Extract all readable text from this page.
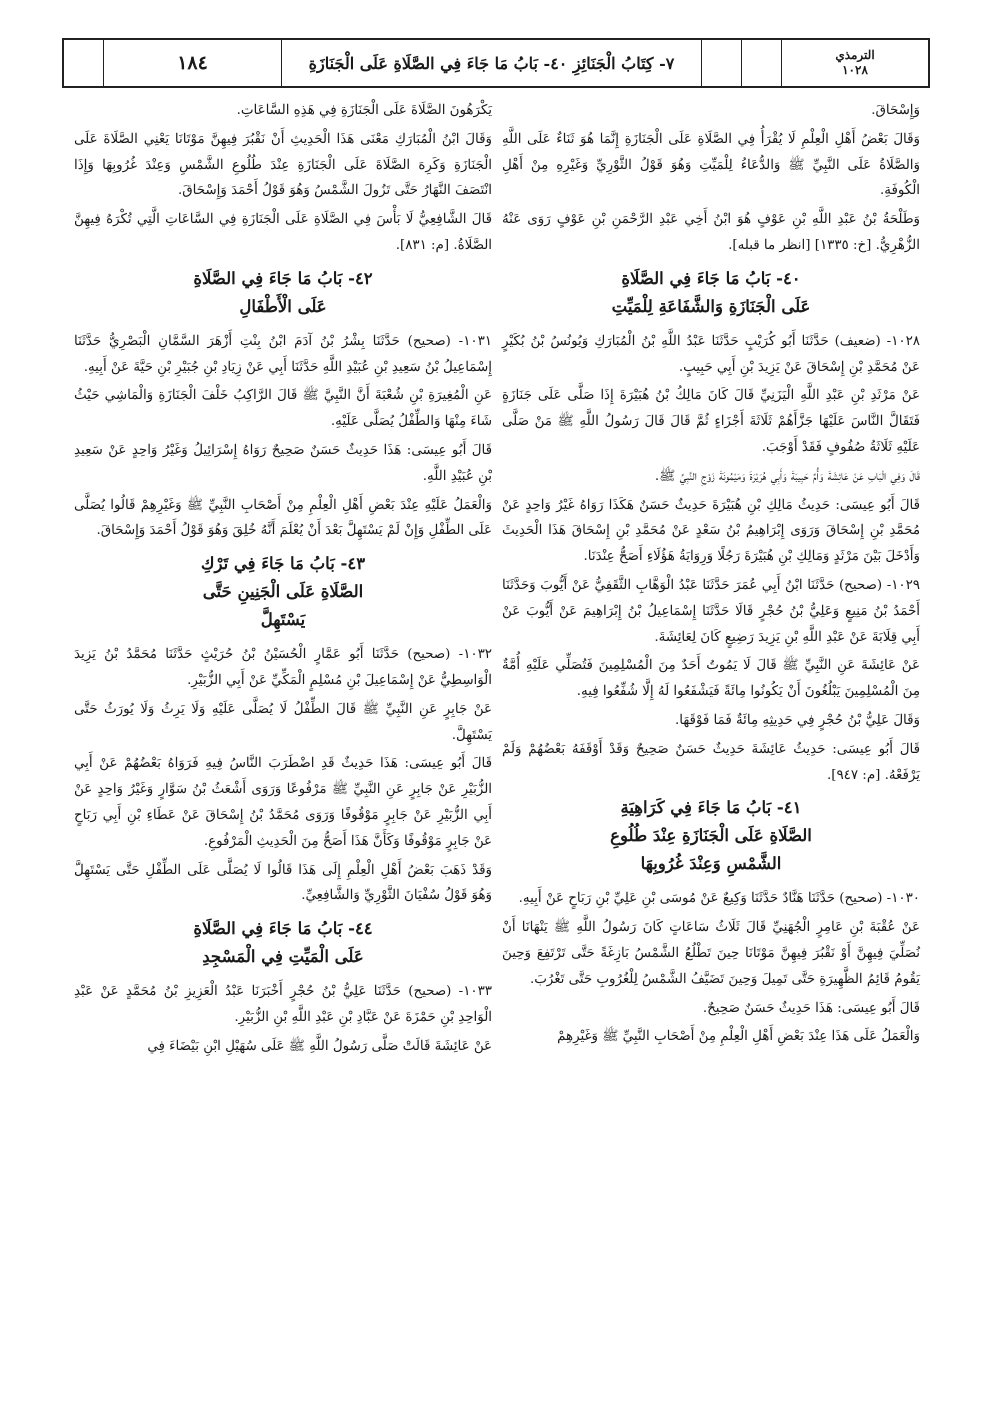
١٨٤	٧- كِتَابُ الْجَنَائِزِ ٤٠- بَابُ مَا جَاءَ فِي الصَّلَاةِ عَلَى الْجَنَازَةِ	الترمذي
١٠٢٨

وَإِسْحَاقَ.

وَقَالَ بَعْضُ أَهْلِ الْعِلْمِ لَا يُقْرَأُ فِي الصَّلَاةِ عَلَى الْجَنَازَةِ إِنَّمَا هُوَ ثَنَاءٌ عَلَى اللَّهِ وَالصَّلَاةُ عَلَى النَّبِيِّ ﷺ وَالدُّعَاءُ لِلْمَيِّتِ وَهُوَ قَوْلُ الثَّوْرِيِّ وَغَيْرِهِ مِنْ أَهْلِ الْكُوفَةِ.

وَطَلْحَةُ بْنُ عَبْدِ اللَّهِ بْنِ عَوْفٍ هُوَ ابْنُ أَخِي عَبْدِ الرَّحْمَنِ بْنِ عَوْفٍ رَوَى عَنْهُ الزُّهْرِيُّ. [خ: ١٣٣٥] [انظر ما قبله].

٤٠- بَابُ مَا جَاءَ فِي الصَّلَاةِ
عَلَى الْجَنَازَةِ وَالشَّفَاعَةِ لِلْمَيِّتِ

١٠٢٨- (ضعيف) حَدَّثَنَا أَبُو كُرَيْبٍ حَدَّثَنَا عَبْدُ اللَّهِ بْنُ الْمُبَارَكِ وَيُونُسُ بْنُ بُكَيْرٍ عَنْ مُحَمَّدِ بْنِ إِسْحَاقَ عَنْ يَزِيدَ بْنِ أَبِي حَبِيبٍ.

عَنْ مَرْثَدِ بْنِ عَبْدِ اللَّهِ الْيَزَنِيِّ قَالَ كَانَ مَالِكُ بْنُ هُبَيْرَةَ إِذَا صَلَّى عَلَى جَنَازَةٍ فَتَقَالَّ النَّاسَ عَلَيْهَا جَزَّأَهُمْ ثَلَاثَةَ أَجْزَاءٍ ثُمَّ قَالَ قَالَ رَسُولُ اللَّهِ ﷺ مَنْ صَلَّى عَلَيْهِ ثَلَاثَةُ صُفُوفٍ فَقَدْ أَوْجَبَ.

قَالَ وَفِي الْبَابِ عَنْ عَائِشَةَ وَأُمِّ حَبِيبَةَ وَأَبِي هُرَيْرَةَ وَمَيْمُونَةَ زَوْجِ النَّبِيِّ ﷺ.

قَالَ أَبُو عِيسَى: حَدِيثُ مَالِكِ بْنِ هُبَيْرَةَ حَدِيثٌ حَسَنٌ هَكَذَا رَوَاهُ غَيْرُ وَاحِدٍ عَنْ مُحَمَّدِ بْنِ إِسْحَاقَ وَرَوَى إِبْرَاهِيمُ بْنُ سَعْدٍ عَنْ مُحَمَّدِ بْنِ إِسْحَاقَ هَذَا الْحَدِيثَ وَأَدْخَلَ بَيْنَ مَرْثَدٍ وَمَالِكِ بْنِ هُبَيْرَةَ رَجُلًا وَرِوَايَةُ هَؤُلَاءِ أَصَحُّ عِنْدَنَا.

١٠٢٩- (صحيح) حَدَّثَنَا ابْنُ أَبِي عُمَرَ حَدَّثَنَا عَبْدُ الْوَهَّابِ الثَّقَفِيُّ عَنْ أَيُّوبَ وَحَدَّثَنَا أَحْمَدُ بْنُ مَنِيعٍ وَعَلِيُّ بْنُ حُجْرٍ قَالَا حَدَّثَنَا إِسْمَاعِيلُ بْنُ إِبْرَاهِيمَ عَنْ أَيُّوبَ عَنْ أَبِي قِلَابَةَ عَنْ عَبْدِ اللَّهِ بْنِ يَزِيدَ رَضِيعٍ كَانَ لِعَائِشَةَ.

عَنْ عَائِشَةَ عَنِ النَّبِيِّ ﷺ قَالَ لَا يَمُوتُ أَحَدٌ مِنَ الْمُسْلِمِينَ فَتُصَلِّي عَلَيْهِ أُمَّةٌ مِنَ الْمُسْلِمِينَ يَبْلُغُونَ أَنْ يَكُونُوا مِائَةً فَيَشْفَعُوا لَهُ إِلَّا شُفِّعُوا فِيهِ.

وَقَالَ عَلِيُّ بْنُ حُجْرٍ فِي حَدِيثِهِ مِائَةٌ فَمَا فَوْقَهَا.

قَالَ أَبُو عِيسَى: حَدِيثُ عَائِشَةَ حَدِيثٌ حَسَنٌ صَحِيحٌ وَقَدْ أَوْقَفَهُ بَعْضُهُمْ وَلَمْ يَرْفَعْهُ. [م: ٩٤٧].

٤١- بَابُ مَا جَاءَ فِي كَرَاهِيَةِ
الصَّلَاةِ عَلَى الْجَنَازَةِ عِنْدَ طُلُوعِ
الشَّمْسِ وَعِنْدَ غُرُوبِهَا

١٠٣٠- (صحيح) حَدَّثَنَا هَنَّادٌ حَدَّثَنَا وَكِيعٌ عَنْ مُوسَى بْنِ عَلِيِّ بْنِ رَبَاحٍ عَنْ أَبِيهِ.

عَنْ عُقْبَةَ بْنِ عَامِرٍ الْجُهَنِيِّ قَالَ ثَلَاثُ سَاعَاتٍ كَانَ رَسُولُ اللَّهِ ﷺ يَنْهَانَا أَنْ نُصَلِّيَ فِيهِنَّ أَوْ نَقْبُرَ فِيهِنَّ مَوْتَانَا حِينَ تَطْلُعُ الشَّمْسُ بَازِغَةً حَتَّى تَرْتَفِعَ وَحِينَ يَقُومُ قَائِمُ الظَّهِيرَةِ حَتَّى تَمِيلَ وَحِينَ تَضَيَّفُ الشَّمْسُ لِلْغُرُوبِ حَتَّى تَغْرُبَ.

قَالَ أَبُو عِيسَى: هَذَا حَدِيثٌ حَسَنٌ صَحِيحٌ.

وَالْعَمَلُ عَلَى هَذَا عِنْدَ بَعْضِ أَهْلِ الْعِلْمِ مِنْ أَصْحَابِ النَّبِيِّ ﷺ وَغَيْرِهِمْ

يَكْرَهُونَ الصَّلَاةَ عَلَى الْجَنَازَةِ فِي هَذِهِ السَّاعَاتِ.

وَقَالَ ابْنُ الْمُبَارَكِ مَعْنَى هَذَا الْحَدِيثِ أَنْ نَقْبُرَ فِيهِنَّ مَوْتَانَا يَعْنِي الصَّلَاةَ عَلَى الْجَنَازَةِ وَكَرِهَ الصَّلَاةَ عَلَى الْجَنَازَةِ عِنْدَ طُلُوعِ الشَّمْسِ وَعِنْدَ غُرُوبِهَا وَإِذَا انْتَصَفَ النَّهَارُ حَتَّى تَزُولَ الشَّمْسُ وَهُوَ قَوْلُ أَحْمَدَ وَإِسْحَاقَ.

قَالَ الشَّافِعِيُّ لَا بَأْسَ فِي الصَّلَاةِ عَلَى الْجَنَازَةِ فِي السَّاعَاتِ الَّتِي تُكْرَهُ فِيهِنَّ الصَّلَاةُ. [م: ٨٣١].

٤٢- بَابُ مَا جَاءَ فِي الصَّلَاةِ
عَلَى الْأَطْفَالِ

١٠٣١- (صحيح) حَدَّثَنَا بِشْرُ بْنُ آدَمَ ابْنُ بِنْتِ أَزْهَرَ السَّمَّانِ الْبَصْرِيُّ حَدَّثَنَا إِسْمَاعِيلُ بْنُ سَعِيدِ بْنِ عُبَيْدِ اللَّهِ حَدَّثَنَا أَبِي عَنْ زِيَادِ بْنِ جُبَيْرِ بْنِ حَيَّةَ عَنْ أَبِيهِ.

عَنِ الْمُغِيرَةِ بْنِ شُعْبَةَ أَنَّ النَّبِيَّ ﷺ قَالَ الرَّاكِبُ خَلْفَ الْجَنَازَةِ وَالْمَاشِي حَيْثُ شَاءَ مِنْهَا وَالطِّفْلُ يُصَلَّى عَلَيْهِ.

قَالَ أَبُو عِيسَى: هَذَا حَدِيثٌ حَسَنٌ صَحِيحٌ رَوَاهُ إِسْرَائِيلُ وَغَيْرُ وَاحِدٍ عَنْ سَعِيدِ بْنِ عُبَيْدِ اللَّهِ.

وَالْعَمَلُ عَلَيْهِ عِنْدَ بَعْضِ أَهْلِ الْعِلْمِ مِنْ أَصْحَابِ النَّبِيِّ ﷺ وَغَيْرِهِمْ قَالُوا يُصَلَّى عَلَى الطِّفْلِ وَإِنْ لَمْ يَسْتَهِلَّ بَعْدَ أَنْ يُعْلَمَ أَنَّهُ خُلِقَ وَهُوَ قَوْلُ أَحْمَدَ وَإِسْحَاقَ.

٤٣- بَابُ مَا جَاءَ فِي تَرْكِ
الصَّلَاةِ عَلَى الْجَنِينِ حَتَّى
يَسْتَهِلَّ

١٠٣٢- (صحيح) حَدَّثَنَا أَبُو عَمَّارٍ الْحُسَيْنُ بْنُ حُرَيْثٍ حَدَّثَنَا مُحَمَّدُ بْنُ يَزِيدَ الْوَاسِطِيُّ عَنْ إِسْمَاعِيلَ بْنِ مُسْلِمٍ الْمَكِّيِّ عَنْ أَبِي الزُّبَيْرِ.

عَنْ جَابِرٍ عَنِ النَّبِيِّ ﷺ قَالَ الطِّفْلُ لَا يُصَلَّى عَلَيْهِ وَلَا يَرِثُ وَلَا يُورَثُ حَتَّى يَسْتَهِلَّ.

قَالَ أَبُو عِيسَى: هَذَا حَدِيثٌ قَدِ اضْطَرَبَ النَّاسُ فِيهِ فَرَوَاهُ بَعْضُهُمْ عَنْ أَبِي الزُّبَيْرِ عَنْ جَابِرٍ عَنِ النَّبِيِّ ﷺ مَرْفُوعًا وَرَوَى أَشْعَثُ بْنُ سَوَّارٍ وَغَيْرُ وَاحِدٍ عَنْ أَبِي الزُّبَيْرِ عَنْ جَابِرٍ مَوْقُوفًا وَرَوَى مُحَمَّدُ بْنُ إِسْحَاقَ عَنْ عَطَاءِ بْنِ أَبِي رَبَاحٍ عَنْ جَابِرٍ مَوْقُوفًا وَكَأَنَّ هَذَا أَصَحُّ مِنَ الْحَدِيثِ الْمَرْفُوعِ.

وَقَدْ ذَهَبَ بَعْضُ أَهْلِ الْعِلْمِ إِلَى هَذَا قَالُوا لَا يُصَلَّى عَلَى الطِّفْلِ حَتَّى يَسْتَهِلَّ وَهُوَ قَوْلُ سُفْيَانَ الثَّوْرِيِّ وَالشَّافِعِيِّ.

٤٤- بَابُ مَا جَاءَ فِي الصَّلَاةِ
عَلَى الْمَيِّتِ فِي الْمَسْجِدِ

١٠٣٣- (صحيح) حَدَّثَنَا عَلِيُّ بْنُ حُجْرٍ أَخْبَرَنَا عَبْدُ الْعَزِيزِ بْنُ مُحَمَّدٍ عَنْ عَبْدِ الْوَاحِدِ بْنِ حَمْزَةَ عَنْ عَبَّادِ بْنِ عَبْدِ اللَّهِ بْنِ الزُّبَيْرِ.

عَنْ عَائِشَةَ قَالَتْ صَلَّى رَسُولُ اللَّهِ ﷺ عَلَى سُهَيْلِ ابْنِ بَيْضَاءَ فِي
